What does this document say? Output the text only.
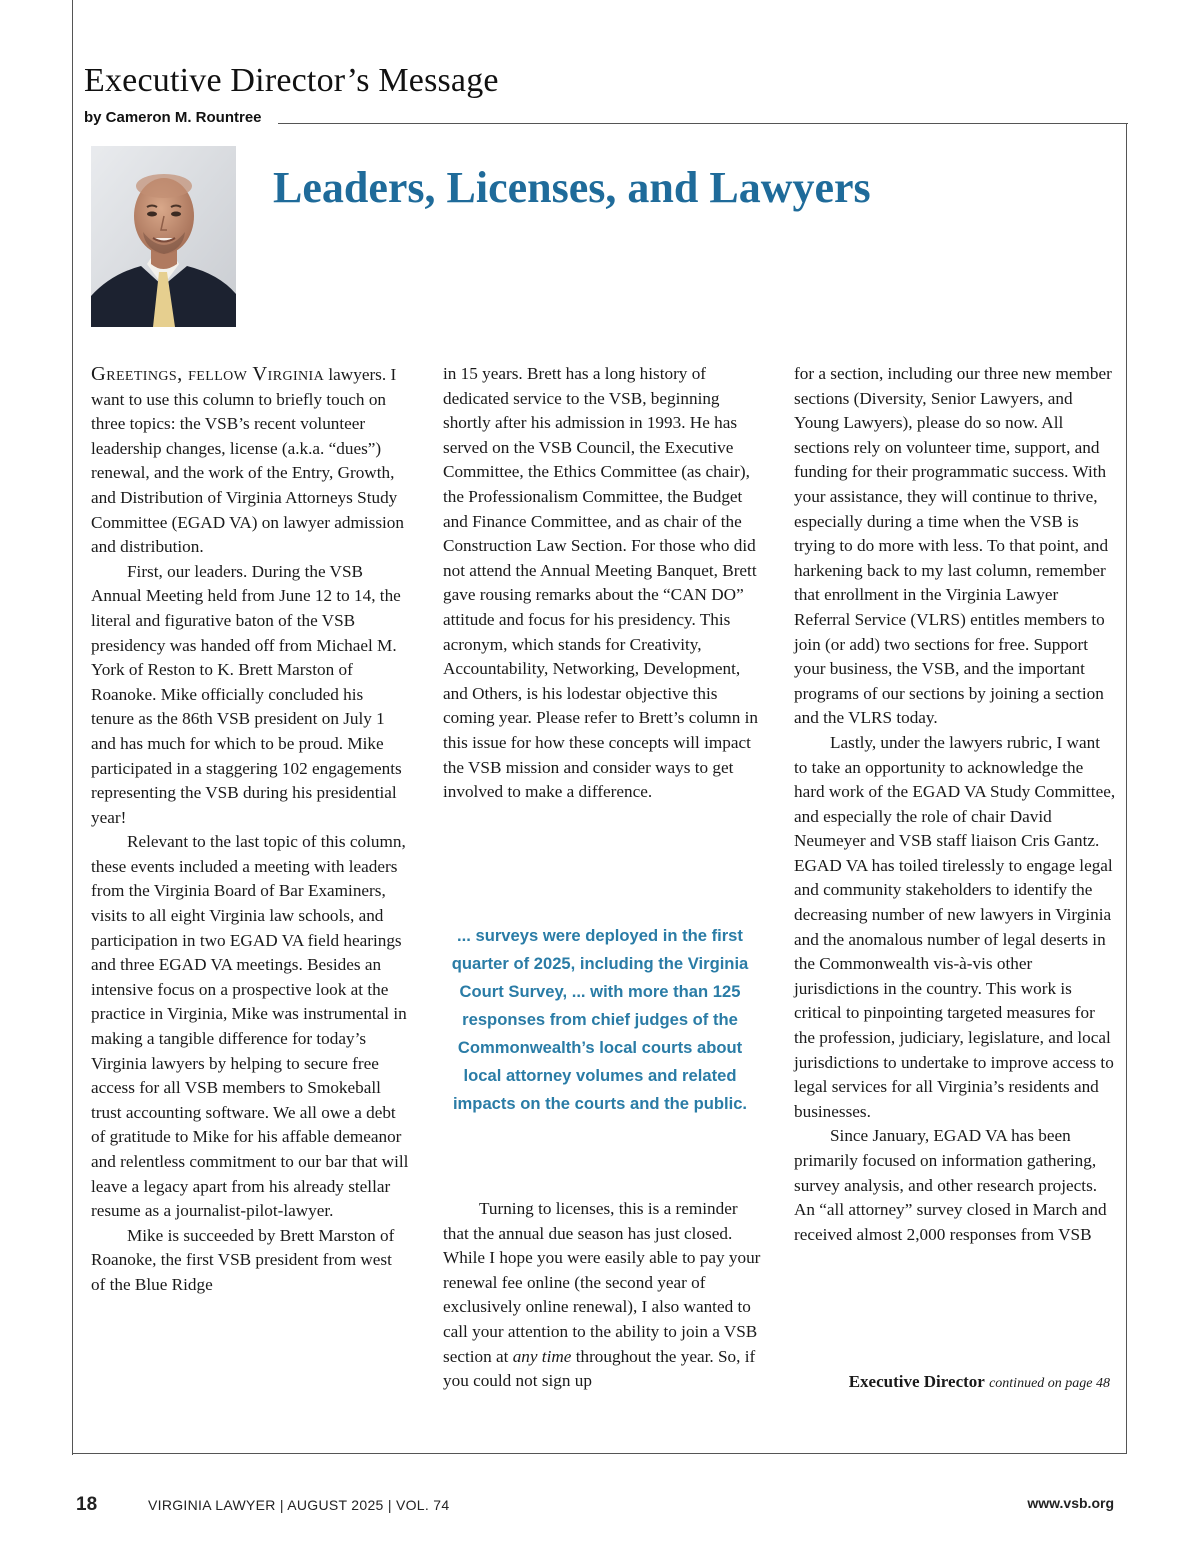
Executive Director’s Message

by Cameron M. Rountree

Leaders, Licenses, and Lawyers

Greetings, fellow Virginia lawyers. I want to use this column to briefly touch on three topics: the VSB’s recent volunteer leadership changes, license (a.k.a. “dues”) renewal, and the work of the Entry, Growth, and Distribution of Virginia Attorneys Study Committee (EGAD VA) on lawyer admission and distribution.

First, our leaders. During the VSB Annual Meeting held from June 12 to 14, the literal and figurative baton of the VSB presidency was handed off from Michael M. York of Reston to K. Brett Marston of Roanoke. Mike officially concluded his tenure as the 86th VSB president on July 1 and has much for which to be proud. Mike participated in a staggering 102 engagements representing the VSB during his presidential year!

Relevant to the last topic of this column, these events included a meeting with leaders from the Virginia Board of Bar Examiners, visits to all eight Virginia law schools, and participation in two EGAD VA field hearings and three EGAD VA meetings. Besides an intensive focus on a prospective look at the practice in Virginia, Mike was instrumental in making a tangible difference for today’s Virginia lawyers by helping to secure free access for all VSB members to Smokeball trust accounting software. We all owe a debt of gratitude to Mike for his affable demeanor and relentless commitment to our bar that will leave a legacy apart from his already stellar resume as a journalist-pilot-lawyer.

Mike is succeeded by Brett Marston of Roanoke, the first VSB president from west of the Blue Ridge

in 15 years. Brett has a long history of dedicated service to the VSB, beginning shortly after his admission in 1993. He has served on the VSB Council, the Executive Committee, the Ethics Committee (as chair), the Professionalism Committee, the Budget and Finance Committee, and as chair of the Construction Law Section. For those who did not attend the Annual Meeting Banquet, Brett gave rousing remarks about the “CAN DO” attitude and focus for his presidency. This acronym, which stands for Creativity, Accountability, Networking, Development, and Others, is his lodestar objective this coming year. Please refer to Brett’s column in this issue for how these concepts will impact the VSB mission and consider ways to get involved to make a difference.

... surveys were deployed in the first quarter of 2025, including the Virginia Court Survey, ... with more than 125 responses from chief judges of the Commonwealth’s local courts about local attorney volumes and related impacts on the courts and the public.

Turning to licenses, this is a reminder that the annual due season has just closed. While I hope you were easily able to pay your renewal fee online (the second year of exclusively online renewal), I also wanted to call your attention to the ability to join a VSB section at any time throughout the year. So, if you could not sign up

for a section, including our three new member sections (Diversity, Senior Lawyers, and Young Lawyers), please do so now. All sections rely on volunteer time, support, and funding for their programmatic success. With your assistance, they will continue to thrive, especially during a time when the VSB is trying to do more with less. To that point, and harkening back to my last column, remember that enrollment in the Virginia Lawyer Referral Service (VLRS) entitles members to join (or add) two sections for free. Support your business, the VSB, and the important programs of our sections by joining a section and the VLRS today.

Lastly, under the lawyers rubric, I want to take an opportunity to acknowledge the hard work of the EGAD VA Study Committee, and especially the role of chair David Neumeyer and VSB staff liaison Cris Gantz. EGAD VA has toiled tirelessly to engage legal and community stakeholders to identify the decreasing number of new lawyers in Virginia and the anomalous number of legal deserts in the Commonwealth vis-à-vis other jurisdictions in the country. This work is critical to pinpointing targeted measures for the profession, judiciary, legislature, and local jurisdictions to undertake to improve access to legal services for all Virginia’s residents and businesses.

Since January, EGAD VA has been primarily focused on information gathering, survey analysis, and other research projects. An “all attorney” survey closed in March and received almost 2,000 responses from VSB

Executive Director continued on page 48

18	VIRGINIA LAWYER | AUGUST 2025 | VOL. 74	www.vsb.org
